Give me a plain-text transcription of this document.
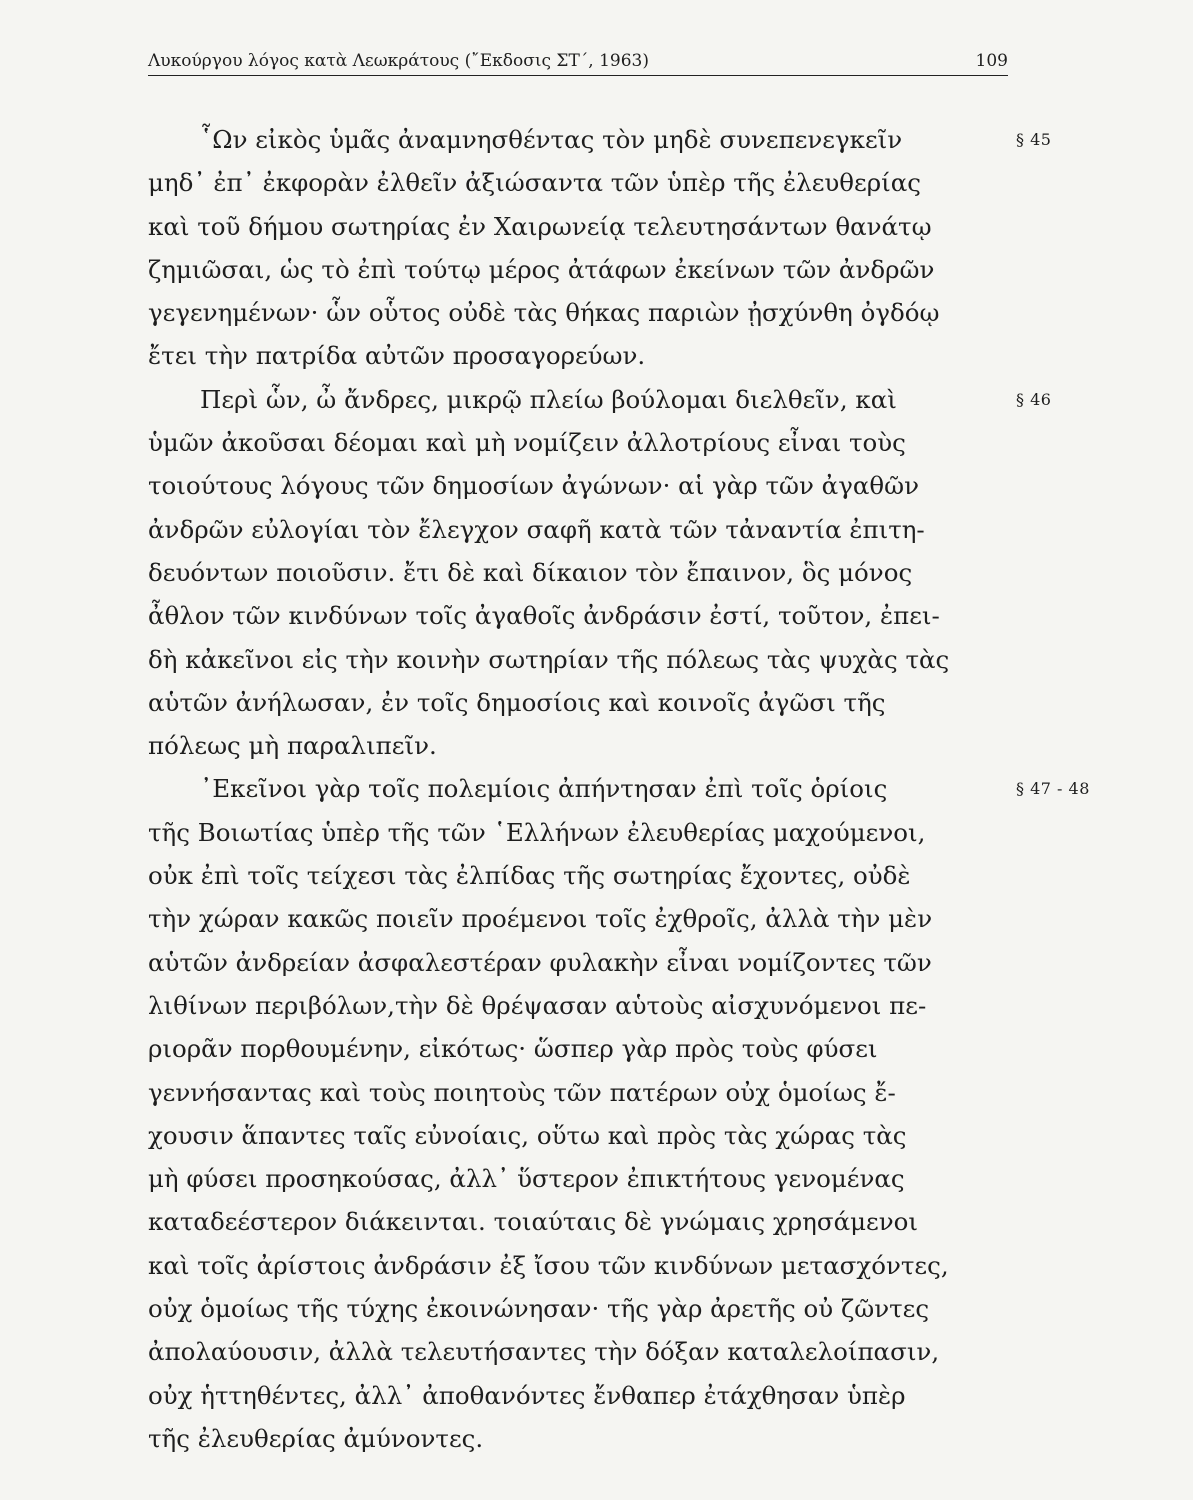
Λυκούργου λόγος κατὰ Λεωκράτους (῎Εκδοσις ΣΤ΄, 1963)	109
῟Ων εἰκὸς ὑμᾶς ἀναμνησθέντας τὸν μηδὲ συνεπενεγκεῖν	§ 45
μηδ᾽ ἐπ᾽ ἐκφορὰν ἐλθεῖν ἀξιώσαντα τῶν ὑπὲρ τῆς ἐλευθερίας
καὶ τοῦ δήμου σωτηρίας ἐν Χαιρωνείᾳ τελευτησάντων θανάτῳ
ζημιῶσαι, ὡς τὸ ἐπὶ τούτῳ μέρος ἀτάφων ἐκείνων τῶν ἀνδρῶν
γεγενημένων· ὧν οὗτος οὐδὲ τὰς θήκας παριὼν ᾐσχύνθη ὀγδόῳ
ἔτει τὴν πατρίδα αὐτῶν προσαγορεύων.
Περὶ ὧν, ὦ ἄνδρες, μικρῷ πλείω βούλομαι διελθεῖν, καὶ	§ 46
ὑμῶν ἀκοῦσαι δέομαι καὶ μὴ νομίζειν ἀλλοτρίους εἶναι τοὺς
τοιούτους λόγους τῶν δημοσίων ἀγώνων· αἱ γὰρ τῶν ἀγαθῶν
ἀνδρῶν εὐλογίαι τὸν ἔλεγχον σαφῆ κατὰ τῶν τἀναντία ἐπιτη-
δευόντων ποιοῦσιν. ἔτι δὲ καὶ δίκαιον τὸν ἔπαινον, ὃς μόνος
ἆθλον τῶν κινδύνων τοῖς ἀγαθοῖς ἀνδράσιν ἐστί, τοῦτον, ἐπει-
δὴ κἀκεῖνοι εἰς τὴν κοινὴν σωτηρίαν τῆς πόλεως τὰς ψυχὰς τὰς
αὑτῶν ἀνήλωσαν, ἐν τοῖς δημοσίοις καὶ κοινοῖς ἀγῶσι τῆς
πόλεως μὴ παραλιπεῖν.
᾽Εκεῖνοι γὰρ τοῖς πολεμίοις ἀπήντησαν ἐπὶ τοῖς ὁρίοις	§ 47 - 48
τῆς Βοιωτίας ὑπὲρ τῆς τῶν ῾Ελλήνων ἐλευθερίας μαχούμενοι,
οὐκ ἐπὶ τοῖς τείχεσι τὰς ἐλπίδας τῆς σωτηρίας ἔχοντες, οὐδὲ
τὴν χώραν κακῶς ποιεῖν προέμενοι τοῖς ἐχθροῖς, ἀλλὰ τὴν μὲν
αὑτῶν ἀνδρείαν ἀσφαλεστέραν φυλακὴν εἶναι νομίζοντες τῶν
λιθίνων περιβόλων,τὴν δὲ θρέψασαν αὑτοὺς αἰσχυνόμενοι πε-
ριορᾶν πορθουμένην, εἰκότως· ὥσπερ γὰρ πρὸς τοὺς φύσει
γεννήσαντας καὶ τοὺς ποιητοὺς τῶν πατέρων οὐχ ὁμοίως ἔ-
χουσιν ἅπαντες ταῖς εὐνοίαις, οὕτω καὶ πρὸς τὰς χώρας τὰς
μὴ φύσει προσηκούσας, ἀλλ᾽ ὕστερον ἐπικτήτους γενομένας
καταδεέστερον διάκεινται. τοιαύταις δὲ γνώμαις χρησάμενοι
καὶ τοῖς ἀρίστοις ἀνδράσιν ἐξ ἴσου τῶν κινδύνων μετασχόντες,
οὐχ ὁμοίως τῆς τύχης ἐκοινώνησαν· τῆς γὰρ ἀρετῆς οὐ ζῶντες
ἀπολαύουσιν, ἀλλὰ τελευτήσαντες τὴν δόξαν καταλελοίπασιν,
οὐχ ἡττηθέντες, ἀλλ᾽ ἀποθανόντες ἔνθαπερ ἐτάχθησαν ὑπὲρ
τῆς ἐλευθερίας ἀμύνοντες.
